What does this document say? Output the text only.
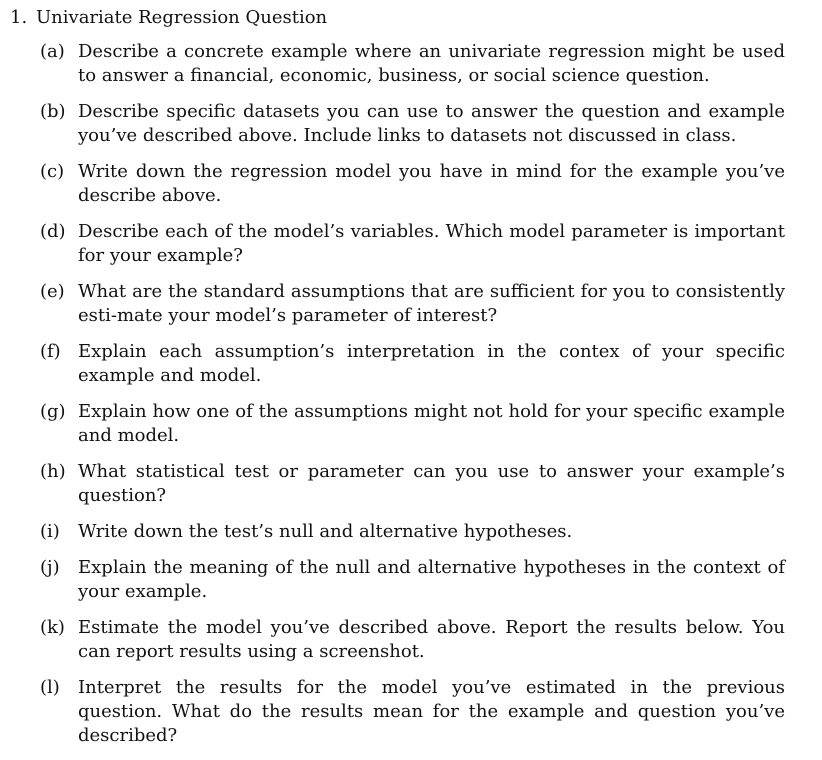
1. Univariate Regression Question
(a) Describe a concrete example where an univariate regression might be used to answer a financial, economic, business, or social science question.
(b) Describe specific datasets you can use to answer the question and example you’ve described above. Include links to datasets not discussed in class.
(c) Write down the regression model you have in mind for the example you’ve describe above.
(d) Describe each of the model’s variables. Which model parameter is important for your example?
(e) What are the standard assumptions that are sufficient for you to consistently esti-mate your model’s parameter of interest?
(f) Explain each assumption’s interpretation in the contex of your specific example and model.
(g) Explain how one of the assumptions might not hold for your specific example and model.
(h) What statistical test or parameter can you use to answer your example’s question?
(i)	Write down the test’s null and alternative hypotheses.
(j)	Explain the meaning of the null and alternative hypotheses in the context of your example.
(k) Estimate the model you’ve described above. Report the results below. You can report results using a screenshot.
(l)	Interpret the results for the model you’ve estimated in the previous question. What do the results mean for the example and question you’ve described?
